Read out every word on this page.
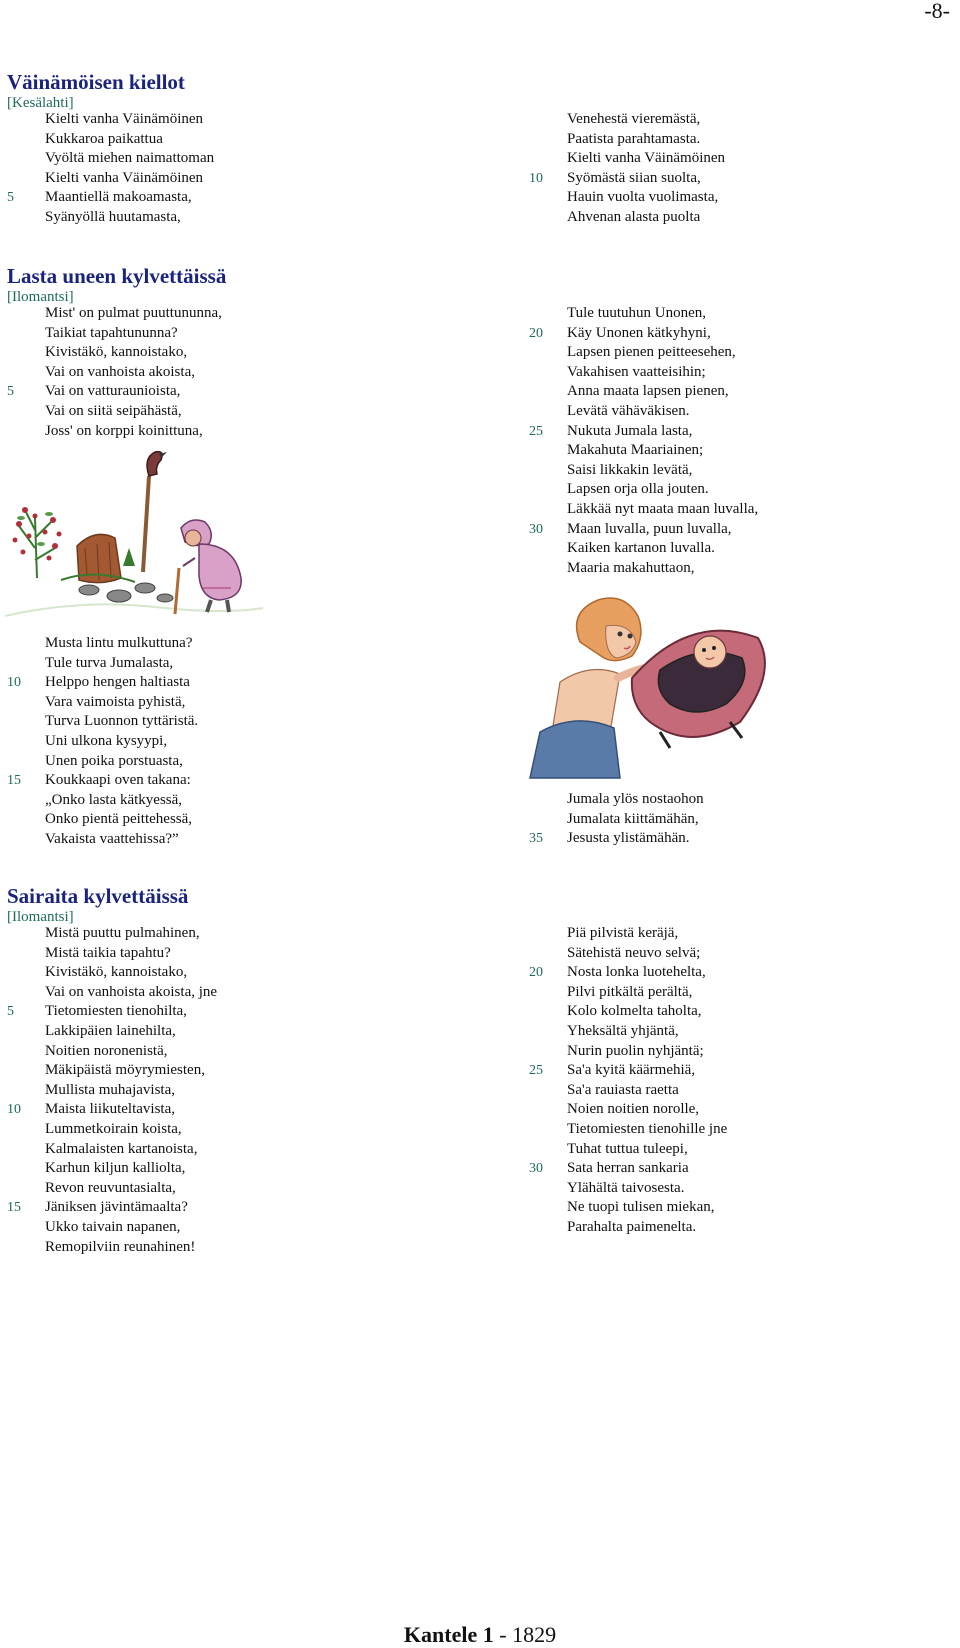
-8-
Väinämöisen kiellot
[Kesälahti]
Kielti vanha Väinämöinen
Kukkaroa paikattua
Vyöltä miehen naimattoman
Kielti vanha Väinämöinen
5	Maantiellä makoamasta,
Syänyöllä huutamasta,
Venehestä vieremästä,
Paatista parahtamasta.
Kielti vanha Väinämöinen
10	Syömästä siian suolta,
Hauin vuolta vuolimasta,
Ahvenan alasta puolta
Lasta uneen kylvettäissä
[Ilomantsi]
Mist' on pulmat puuttununna,
Taikiat tapahtununna?
Kivistäkö, kannoistako,
Vai on vanhoista akoista,
5	Vai on vatturaunioista,
Vai on siitä seipähästä,
Joss' on korppi koinittuna,
Tule tuutuhun Unonen,
20	Käy Unonen kätkyhyni,
Lapsen pienen peitteesehen,
Vakahisen vaatteisihin;
Anna maata lapsen pienen,
Levätä vähäväkisen.
25	Nukuta Jumala lasta,
Makahuta Maariainen;
Saisi likkakin levätä,
Lapsen orja olla jouten.
Läkkää nyt maata maan luvalla,
30	Maan luvalla, puun luvalla,
Kaiken kartanon luvalla.
Maaria makahuttaon,
Musta lintu mulkuttuna?
Tule turva Jumalasta,
10	Helppo hengen haltiasta
Vara vaimoista pyhistä,
Turva Luonnon tyttäristä.
Uni ulkona kysyypi,
Unen poika porstuasta,
15	Koukkaapi oven takana:
„Onko lasta kätkyessä,
Onko pientä peittehessä,
Vakaista vaattehissa?”
Jumala ylös nostaohon
Jumalata kiittämähän,
35	Jesusta ylistämähän.
Sairaita kylvettäissä
[Ilomantsi]
Mistä puuttu pulmahinen,
Mistä taikia tapahtu?
Kivistäkö, kannoistako,
Vai on vanhoista akoista, jne
5	Tietomiesten tienohilta,
Lakkipäien lainehilta,
Noitien noronenistä,
Mäkipäistä möyrymiesten,
Mullista muhajavista,
10	Maista liikuteltavista,
Lummetkoirain koista,
Kalmalaisten kartanoista,
Karhun kiljun kalliolta,
Revon reuvuntasialta,
15	Jäniksen jävintämaalta?
Ukko taivain napanen,
Remopilviin reunahinen!
Piä pilvistä keräjä,
Sätehistä neuvo selvä;
20	Nosta lonka luotehelta,
Pilvi pitkältä perältä,
Kolo kolmelta taholta,
Yheksältä yhjäntä,
Nurin puolin nyhjäntä;
25	Sa'a kyitä käärmehiä,
Sa'a rauiasta raetta
Noien noitien norolle,
Tietomiesten tienohille jne
Tuhat tuttua tuleepi,
30	Sata herran sankaria
Ylähältä taivosesta.
Ne tuopi tulisen miekan,
Parahalta paimenelta.
Kantele 1 - 1829
